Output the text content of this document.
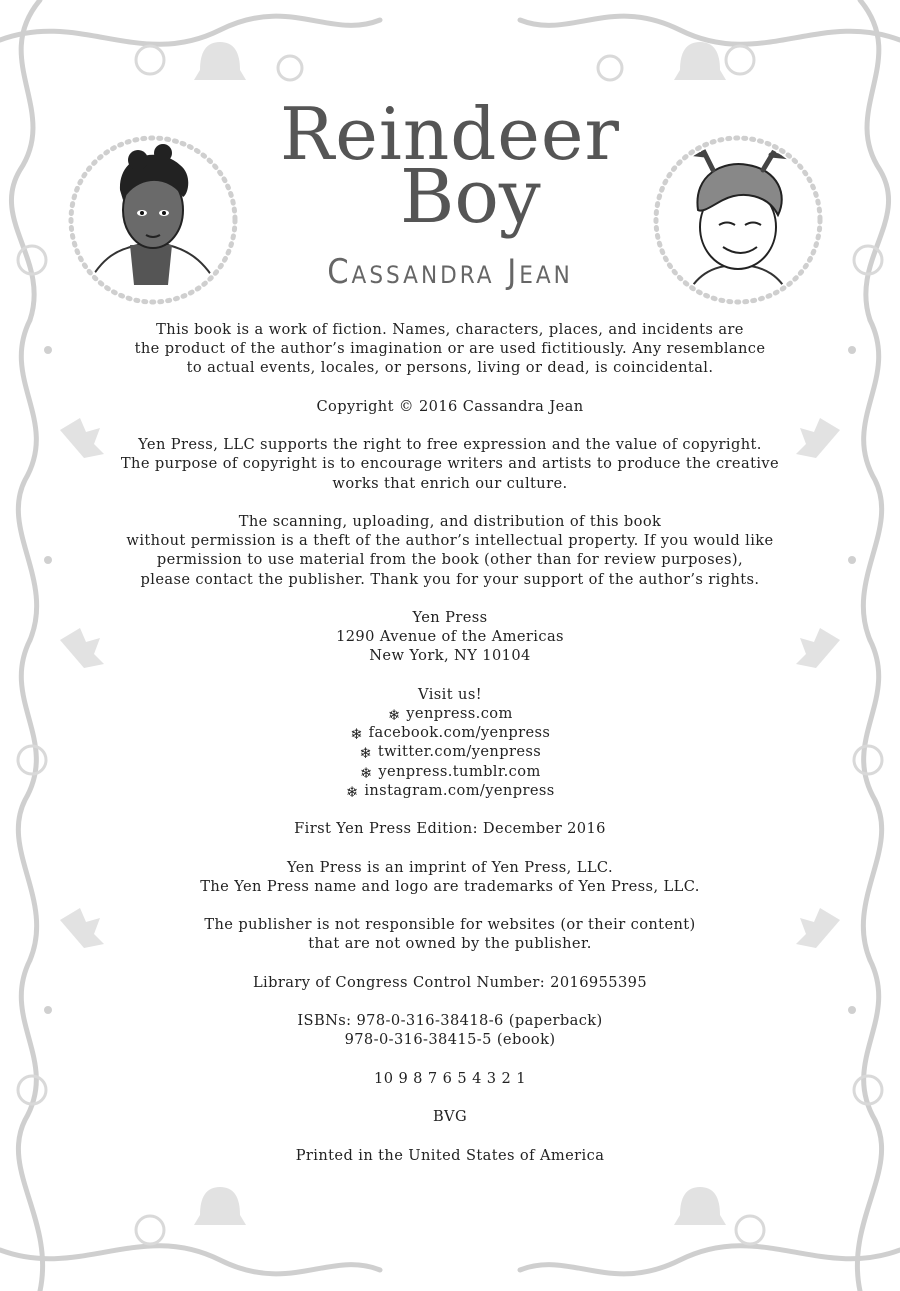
Reindeer
Boy
Cassandra Jean

This book is a work of fiction. Names, characters, places, and incidents are
the product of the author’s imagination or are used fictitiously. Any resemblance
to actual events, locales, or persons, living or dead, is coincidental.

Copyright © 2016 Cassandra Jean

Yen Press, LLC supports the right to free expression and the value of copyright.
The purpose of copyright is to encourage writers and artists to produce the creative
works that enrich our culture.

The scanning, uploading, and distribution of this book
without permission is a theft of the author’s intellectual property. If you would like
permission to use material from the book (other than for review purposes),
please contact the publisher. Thank you for your support of the author’s rights.

Yen Press
1290 Avenue of the Americas
New York, NY 10104

Visit us!
❄ yenpress.com
❄ facebook.com/yenpress
❄ twitter.com/yenpress
❄ yenpress.tumblr.com
❄ instagram.com/yenpress

First Yen Press Edition: December 2016

Yen Press is an imprint of Yen Press, LLC.
The Yen Press name and logo are trademarks of Yen Press, LLC.

The publisher is not responsible for websites (or their content)
that are not owned by the publisher.

Library of Congress Control Number: 2016955395

ISBNs: 978-0-316-38418-6 (paperback)
978-0-316-38415-5 (ebook)

10 9 8 7 6 5 4 3 2 1

BVG

Printed in the United States of America
